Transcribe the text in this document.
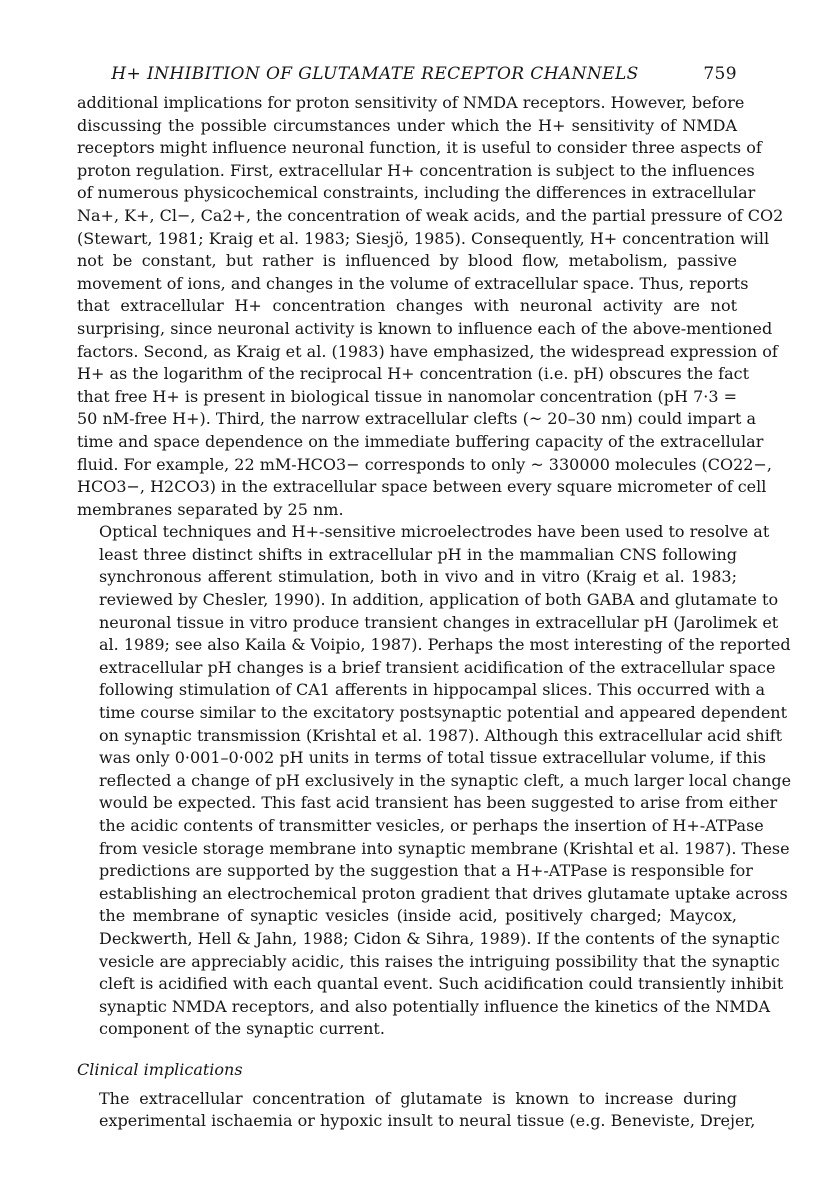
H+ INHIBITION OF GLUTAMATE RECEPTOR CHANNELS	759

additional implications for proton sensitivity of NMDA receptors. However, before
discussing the possible circumstances under which the H+ sensitivity of NMDA
receptors might influence neuronal function, it is useful to consider three aspects of
proton regulation. First, extracellular H+ concentration is subject to the influences
of numerous physicochemical constraints, including the differences in extracellular
Na+, K+, Cl−, Ca2+, the concentration of weak acids, and the partial pressure of CO2
(Stewart, 1981; Kraig et al. 1983; Siesjö, 1985). Consequently, H+ concentration will
not be constant, but rather is influenced by blood flow, metabolism, passive
movement of ions, and changes in the volume of extracellular space. Thus, reports
that extracellular H+ concentration changes with neuronal activity are not
surprising, since neuronal activity is known to influence each of the above-mentioned
factors. Second, as Kraig et al. (1983) have emphasized, the widespread expression of
H+ as the logarithm of the reciprocal H+ concentration (i.e. pH) obscures the fact
that free H+ is present in biological tissue in nanomolar concentration (pH 7·3 =
50 nM-free H+). Third, the narrow extracellular clefts (~ 20–30 nm) could impart a
time and space dependence on the immediate buffering capacity of the extracellular
fluid. For example, 22 mM-HCO3− corresponds to only ~ 330000 molecules (CO22−,
HCO3−, H2CO3) in the extracellular space between every square micrometer of cell
membranes separated by 25 nm.

Optical techniques and H+-sensitive microelectrodes have been used to resolve at
least three distinct shifts in extracellular pH in the mammalian CNS following
synchronous afferent stimulation, both in vivo and in vitro (Kraig et al. 1983;
reviewed by Chesler, 1990). In addition, application of both GABA and glutamate to
neuronal tissue in vitro produce transient changes in extracellular pH (Jarolimek et
al. 1989; see also Kaila & Voipio, 1987). Perhaps the most interesting of the reported
extracellular pH changes is a brief transient acidification of the extracellular space
following stimulation of CA1 afferents in hippocampal slices. This occurred with a
time course similar to the excitatory postsynaptic potential and appeared dependent
on synaptic transmission (Krishtal et al. 1987). Although this extracellular acid shift
was only 0·001–0·002 pH units in terms of total tissue extracellular volume, if this
reflected a change of pH exclusively in the synaptic cleft, a much larger local change
would be expected. This fast acid transient has been suggested to arise from either
the acidic contents of transmitter vesicles, or perhaps the insertion of H+-ATPase
from vesicle storage membrane into synaptic membrane (Krishtal et al. 1987). These
predictions are supported by the suggestion that a H+-ATPase is responsible for
establishing an electrochemical proton gradient that drives glutamate uptake across
the membrane of synaptic vesicles (inside acid, positively charged; Maycox,
Deckwerth, Hell & Jahn, 1988; Cidon & Sihra, 1989). If the contents of the synaptic
vesicle are appreciably acidic, this raises the intriguing possibility that the synaptic
cleft is acidified with each quantal event. Such acidification could transiently inhibit
synaptic NMDA receptors, and also potentially influence the kinetics of the NMDA
component of the synaptic current.

Clinical implications

The extracellular concentration of glutamate is known to increase during
experimental ischaemia or hypoxic insult to neural tissue (e.g. Beneviste, Drejer,
